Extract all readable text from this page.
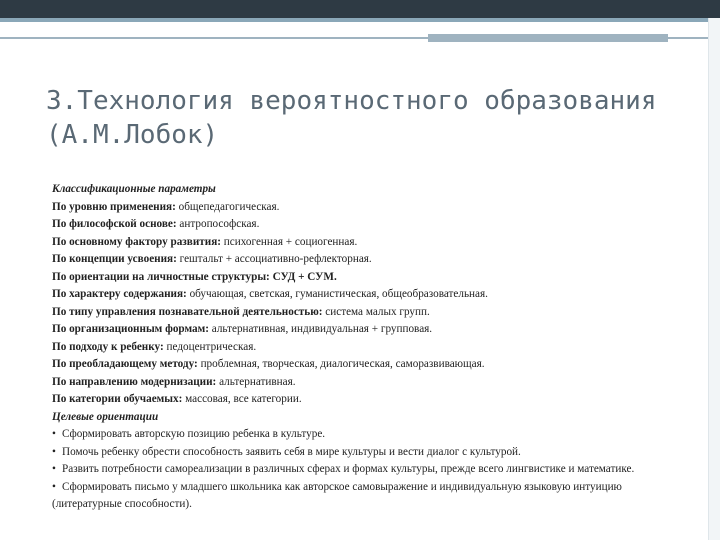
3.Технология вероятностного образования
(А.М.Лобок)
Классификационные параметры
По уровню применения: общепедагогическая.
По философской основе: антропософская.
По основному фактору развития: психогенная + социогенная.
По концепции усвоения: гештальт + ассоциативно-рефлекторная.
По ориентации на личностные структуры: СУД + СУМ.
По характеру содержания: обучающая, светская, гуманистическая, общеобразовательная.
По типу управления познавательной деятельностью: система малых групп.
По организационным формам: альтернативная, индивидуальная + групповая.
По подходу к ребенку: педоцентрическая.
По преобладающему методу: проблемная, творческая, диалогическая, саморазвивающая.
По направлению модернизации: альтернативная.
По категории обучаемых: массовая, все категории.
Целевые ориентации
• Сформировать авторскую позицию ребенка в культуре.
• Помочь ребенку обрести способность заявить себя в мире культуры и вести диалог с культурой.
• Развить потребности самореализации в различных сферах и формах культуры, прежде всего лингвистике и математике.
• Сформировать письмо у младшего школьника как авторское самовыражение и индивидуальную языковую интуицию (литературные способности).
